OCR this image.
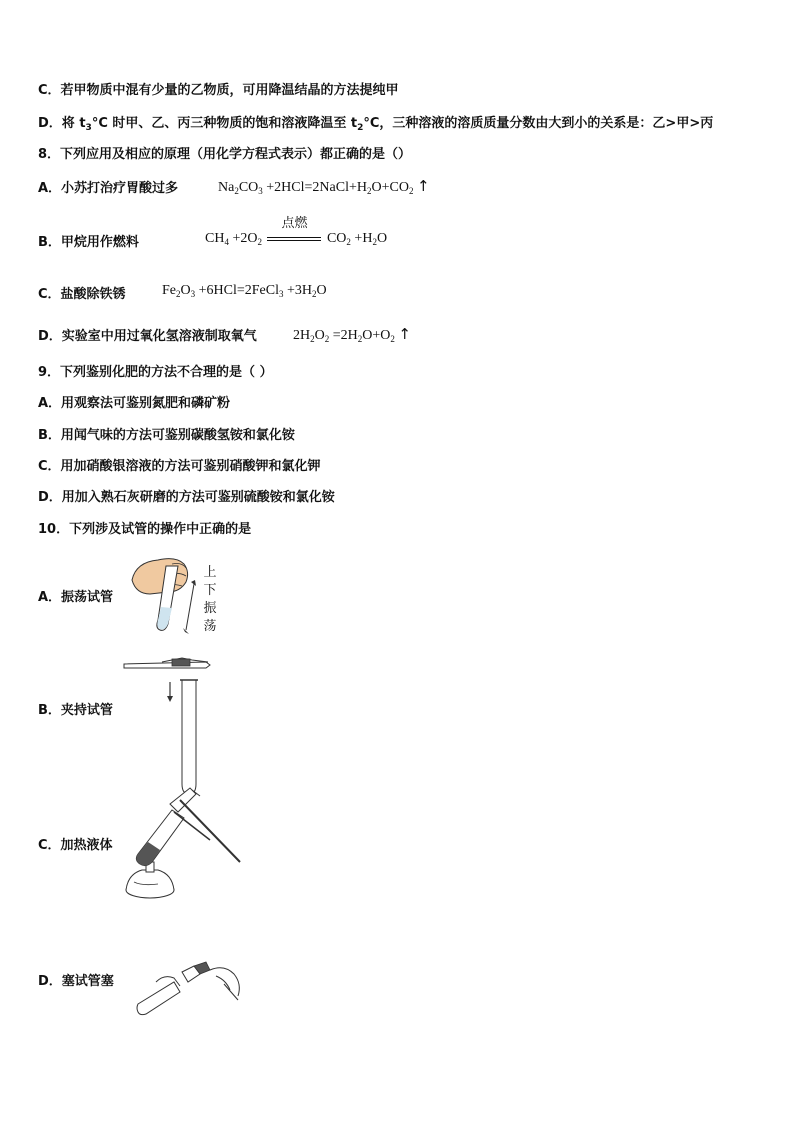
C．若甲物质中混有少量的乙物质，可用降温结晶的方法提纯甲
D．将 $t_3^\circ C$ 时甲、乙、丙三种物质的饱和溶液降温至 $t_2^\circ C$，三种溶液的溶质质量分数由大到小的关系是：乙>甲>丙
8．下列应用及相应的原理（用化学方程式表示）都正确的是（）
A．小苏打治疗胃酸过多	$Na_2CO_3$ $+2HCl=2NaCl+H_2O+CO_2$ ↑
B．甲烷用作燃料	$CH_4 +2O_2$
点燃
$CO_2 +H_2O$
C．盐酸除铁锈	$Fe_2O_3$ +6HCl=2FeCl$_3$ $+3H_2O$
D．实验室中用过氧化氢溶液制取氧气	$2H_2O_2 =2H_2O+O_2$ ↑
9．下列鉴别化肥的方法不合理的是（ ）
A．用观察法可鉴别氮肥和磷矿粉
B．用闻气味的方法可鉴别碳酸氢铵和氯化铵
C．用加硝酸银溶液的方法可鉴别硝酸钾和氯化钾
D．用加入熟石灰研磨的方法可鉴别硫酸铵和氯化铵
10．下列涉及试管的操作中正确的是
A．振荡试管
上
下
振
荡
B．夹持试管
C．加热液体
D．塞试管塞
